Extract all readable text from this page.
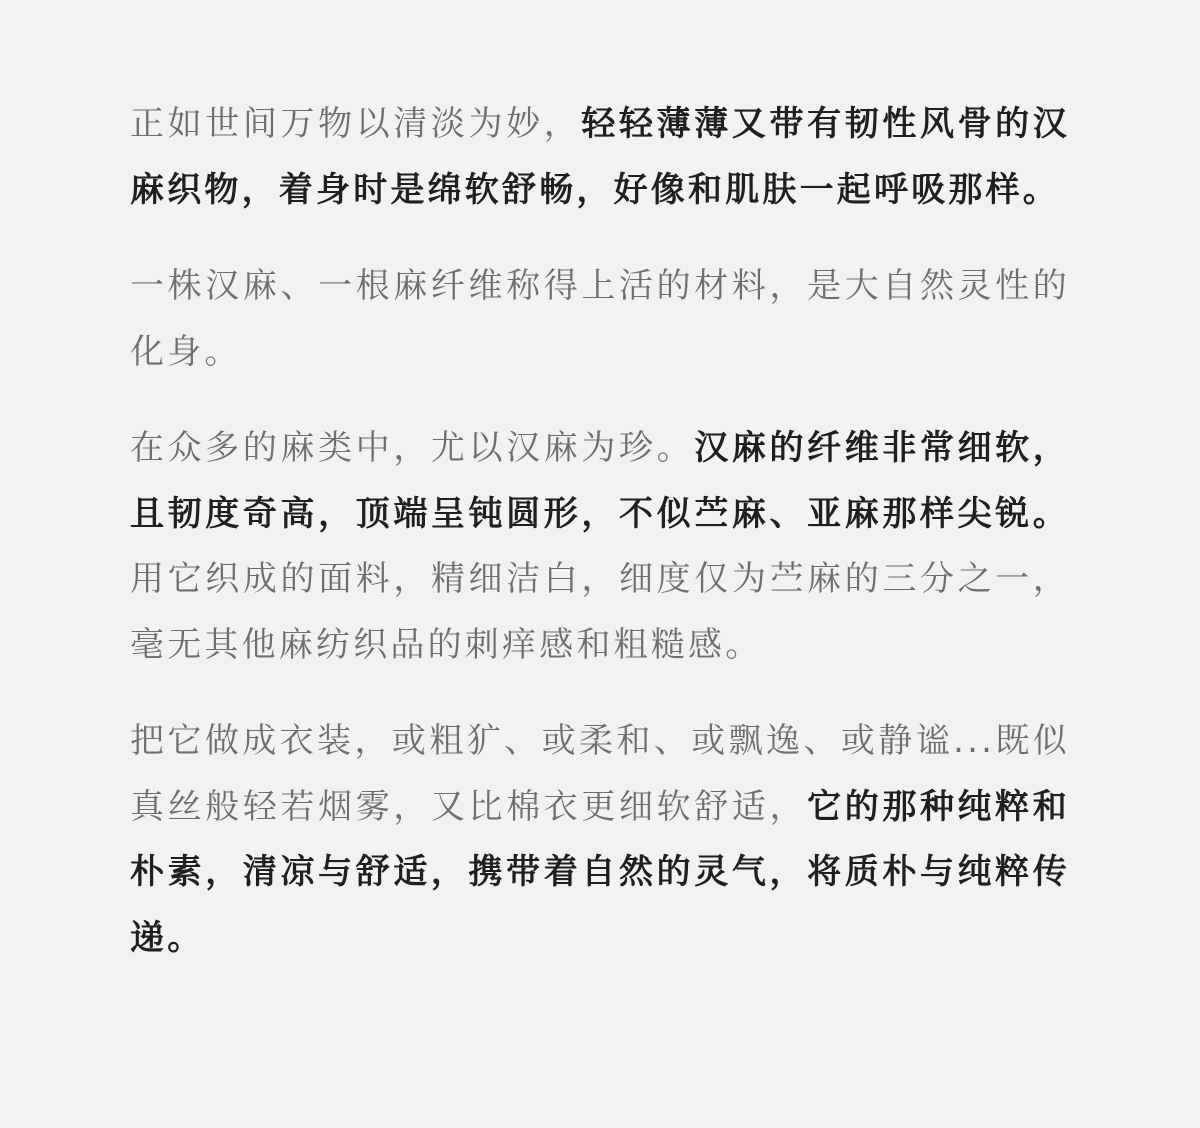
正如世间万物以清淡为妙，轻轻薄薄又带有韧性风骨的汉麻织物，着身时是绵软舒畅，好像和肌肤一起呼吸那样。

一株汉麻、一根麻纤维称得上活的材料，是大自然灵性的化身。

在众多的麻类中，尤以汉麻为珍。汉麻的纤维非常细软，且韧度奇高，顶端呈钝圆形，不似苎麻、亚麻那样尖锐。用它织成的面料，精细洁白，细度仅为苎麻的三分之一，毫无其他麻纺织品的刺痒感和粗糙感。

把它做成衣装，或粗犷、或柔和、或飘逸、或静谧...既似真丝般轻若烟雾，又比棉衣更细软舒适，它的那种纯粹和朴素，清凉与舒适，携带着自然的灵气，将质朴与纯粹传递。
